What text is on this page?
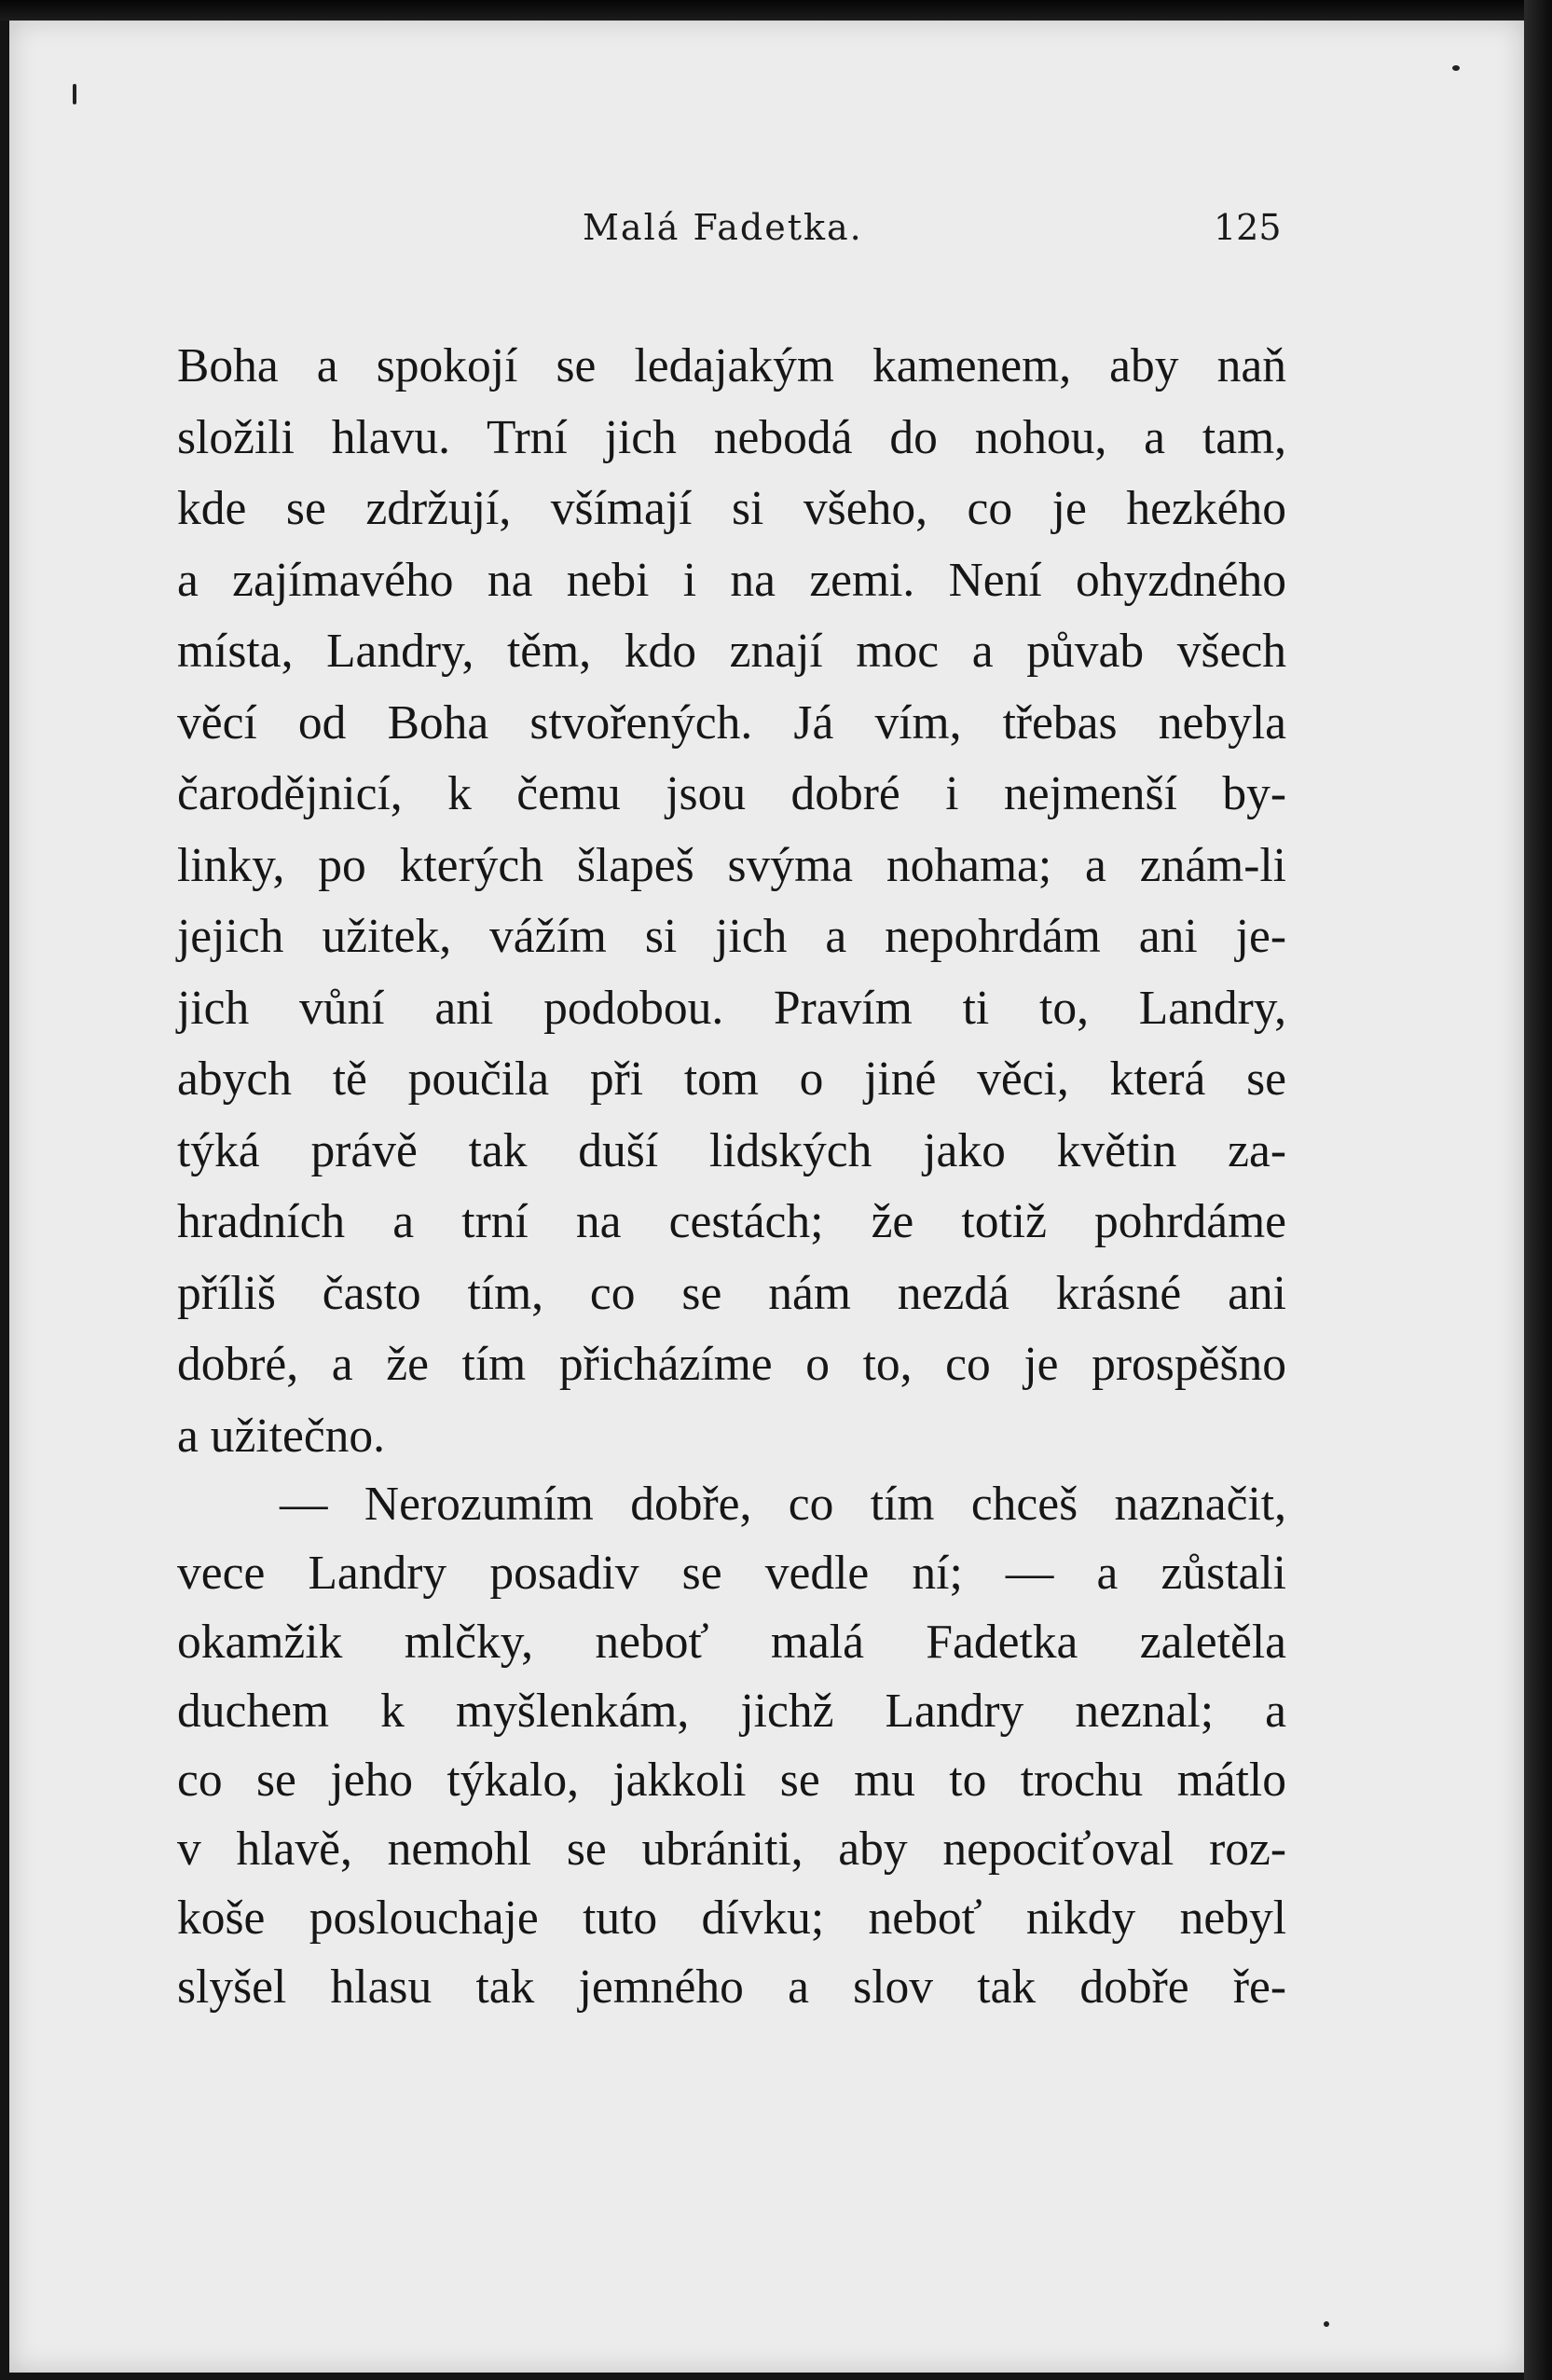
Malá Fadetka.	125
Boha a spokojí se ledajakým kamenem, aby naň
složili hlavu. Trní jich nebodá do nohou, a tam,
kde se zdržují, všímají si všeho, co je hezkého
a zajímavého na nebi i na zemi. Není ohyzdného
místa, Landry, těm, kdo znají moc a půvab všech
věcí od Boha stvořených. Já vím, třebas nebyla
čarodějnicí, k čemu jsou dobré i nejmenší by-
linky, po kterých šlapeš svýma nohama; a znám-li
jejich užitek, vážím si jich a nepohrdám ani je-
jich vůní ani podobou. Pravím ti to, Landry,
abych tě poučila při tom o jiné věci, která se
týká právě tak duší lidských jako květin za-
hradních a trní na cestách; že totiž pohrdáme
příliš často tím, co se nám nezdá krásné ani
dobré, a že tím přicházíme o to, co je prospěšno
a užitečno.
— Nerozumím dobře, co tím chceš naznačit,
vece Landry posadiv se vedle ní; — a zůstali
okamžik mlčky, neboť malá Fadetka zaletěla
duchem k myšlenkám, jichž Landry neznal; a
co se jeho týkalo, jakkoli se mu to trochu mátlo
v hlavě, nemohl se ubrániti, aby nepociťoval roz-
koše poslouchaje tuto dívku; neboť nikdy nebyl
slyšel hlasu tak jemného a slov tak dobře ře-
